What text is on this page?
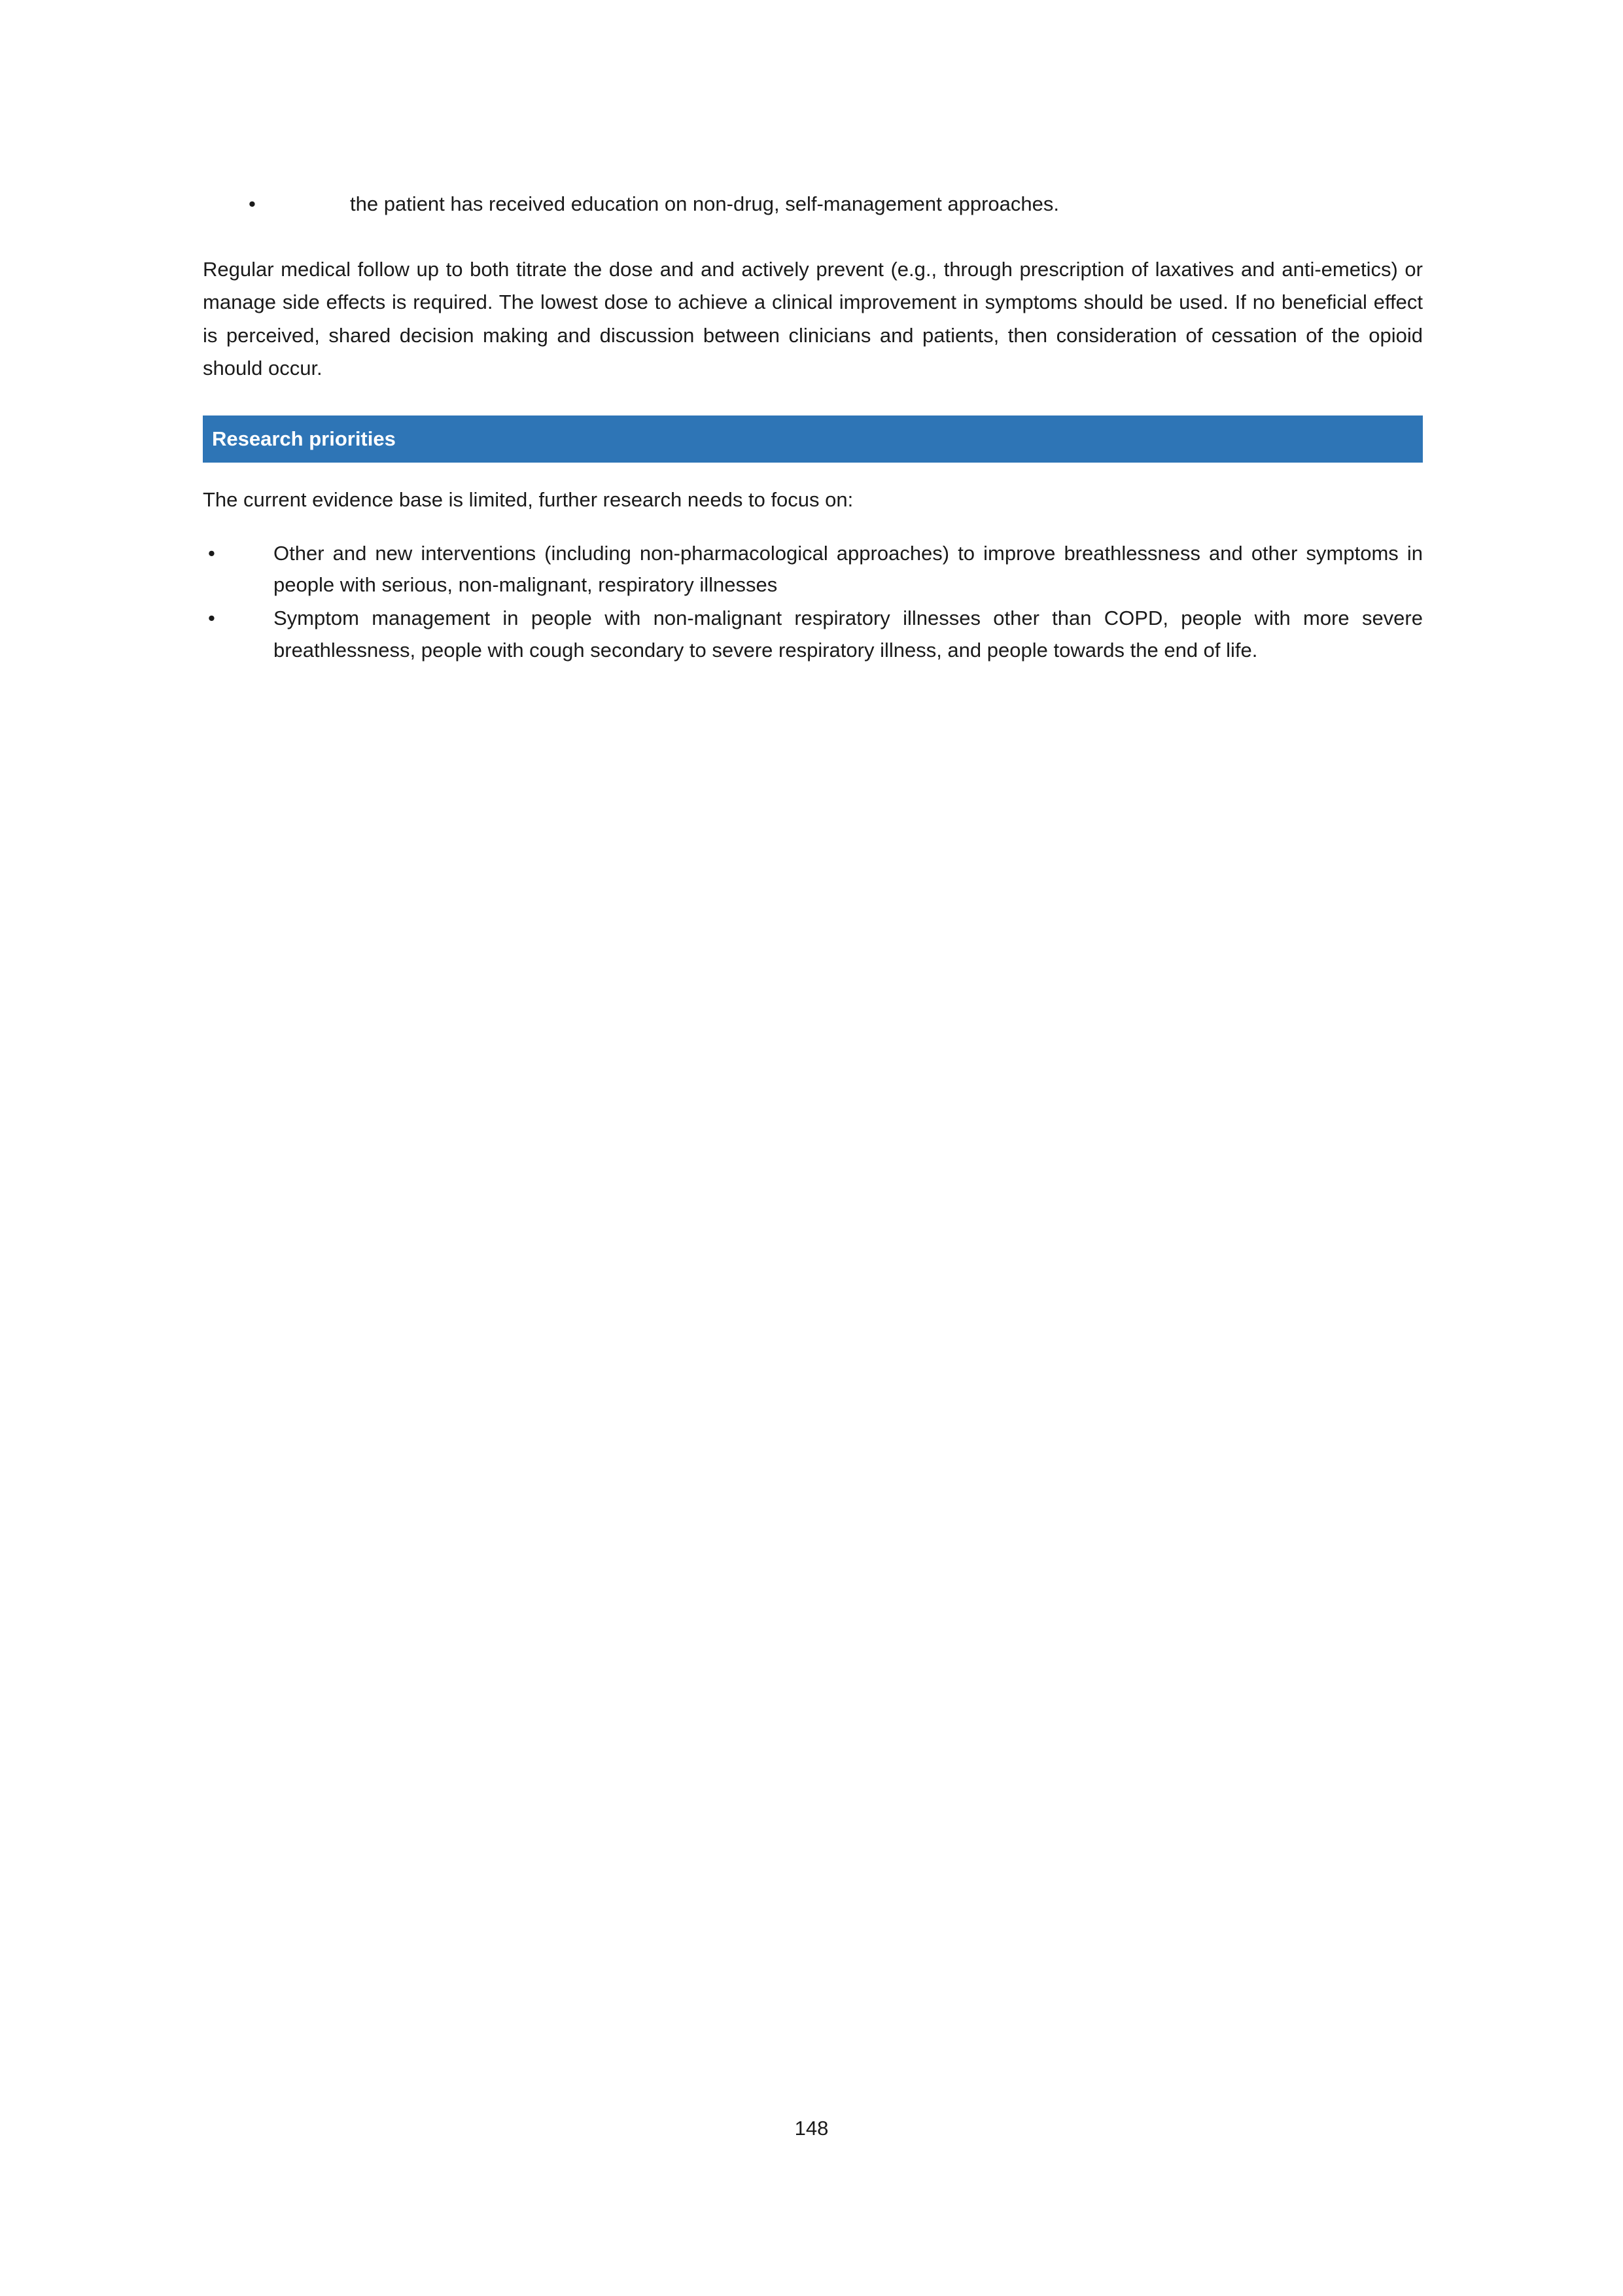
•	the patient has received education on non-drug, self-management approaches.

Regular medical follow up to both titrate the dose and and actively prevent (e.g., through prescription of laxatives and anti-emetics) or manage side effects is required. The lowest dose to achieve a clinical improvement in symptoms should be used. If no beneficial effect is perceived, shared decision making and discussion between clinicians and patients, then consideration of cessation of the opioid should occur.

Research priorities

The current evidence base is limited, further research needs to focus on:

•	Other and new interventions (including non-pharmacological approaches) to improve breathlessness and other symptoms in people with serious, non-malignant, respiratory illnesses
•	Symptom management in people with non-malignant respiratory illnesses other than COPD, people with more severe breathlessness, people with cough secondary to severe respiratory illness, and people towards the end of life.
148
